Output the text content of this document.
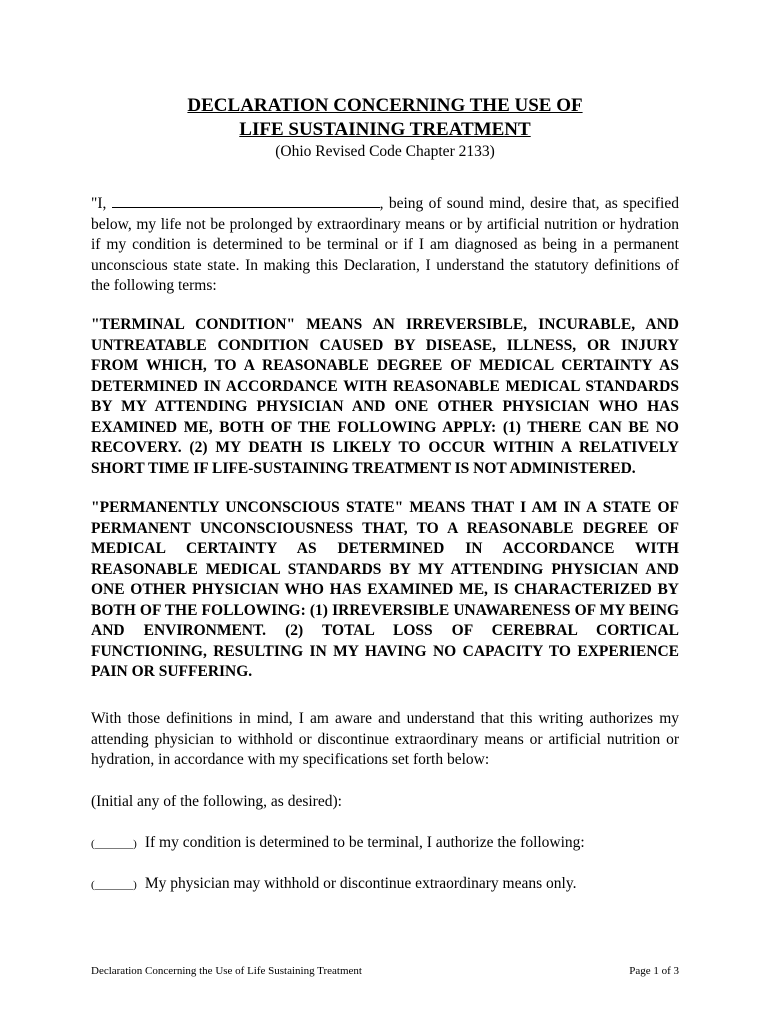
DECLARATION CONCERNING THE USE OF
LIFE SUSTAINING TREATMENT
(Ohio Revised Code Chapter 2133)
"I,	, being of sound mind, desire that, as specified below, my life not be prolonged by extraordinary means or by artificial nutrition or hydration if my condition is determined to be terminal or if I am diagnosed as being in a permanent unconscious state state. In making this Declaration, I understand the statutory definitions of the following terms:
"TERMINAL CONDITION" MEANS AN IRREVERSIBLE, INCURABLE, AND UNTREATABLE CONDITION CAUSED BY DISEASE, ILLNESS, OR INJURY FROM WHICH, TO A REASONABLE DEGREE OF MEDICAL CERTAINTY AS DETERMINED IN ACCORDANCE WITH REASONABLE MEDICAL STANDARDS BY MY ATTENDING PHYSICIAN AND ONE OTHER PHYSICIAN WHO HAS EXAMINED ME, BOTH OF THE FOLLOWING APPLY: (1) THERE CAN BE NO RECOVERY. (2) MY DEATH IS LIKELY TO OCCUR WITHIN A RELATIVELY SHORT TIME IF LIFE-SUSTAINING TREATMENT IS NOT ADMINISTERED.
"PERMANENTLY UNCONSCIOUS STATE" MEANS THAT I AM IN A STATE OF PERMANENT UNCONSCIOUSNESS THAT, TO A REASONABLE DEGREE OF MEDICAL CERTAINTY AS DETERMINED IN ACCORDANCE WITH REASONABLE MEDICAL STANDARDS BY MY ATTENDING PHYSICIAN AND ONE OTHER PHYSICIAN WHO HAS EXAMINED ME, IS CHARACTERIZED BY BOTH OF THE FOLLOWING: (1) IRREVERSIBLE UNAWARENESS OF MY BEING AND ENVIRONMENT. (2) TOTAL LOSS OF CEREBRAL CORTICAL FUNCTIONING, RESULTING IN MY HAVING NO CAPACITY TO EXPERIENCE PAIN OR SUFFERING.
With those definitions in mind, I am aware and understand that this writing authorizes my attending physician to withhold or discontinue extraordinary means or artificial nutrition or hydration, in accordance with my specifications set forth below:
(Initial any of the following, as desired):
(_______) If my condition is determined to be terminal, I authorize the following:
(_______) My physician may withhold or discontinue extraordinary means only.
Declaration Concerning the Use of Life Sustaining Treatment	Page 1 of 3
